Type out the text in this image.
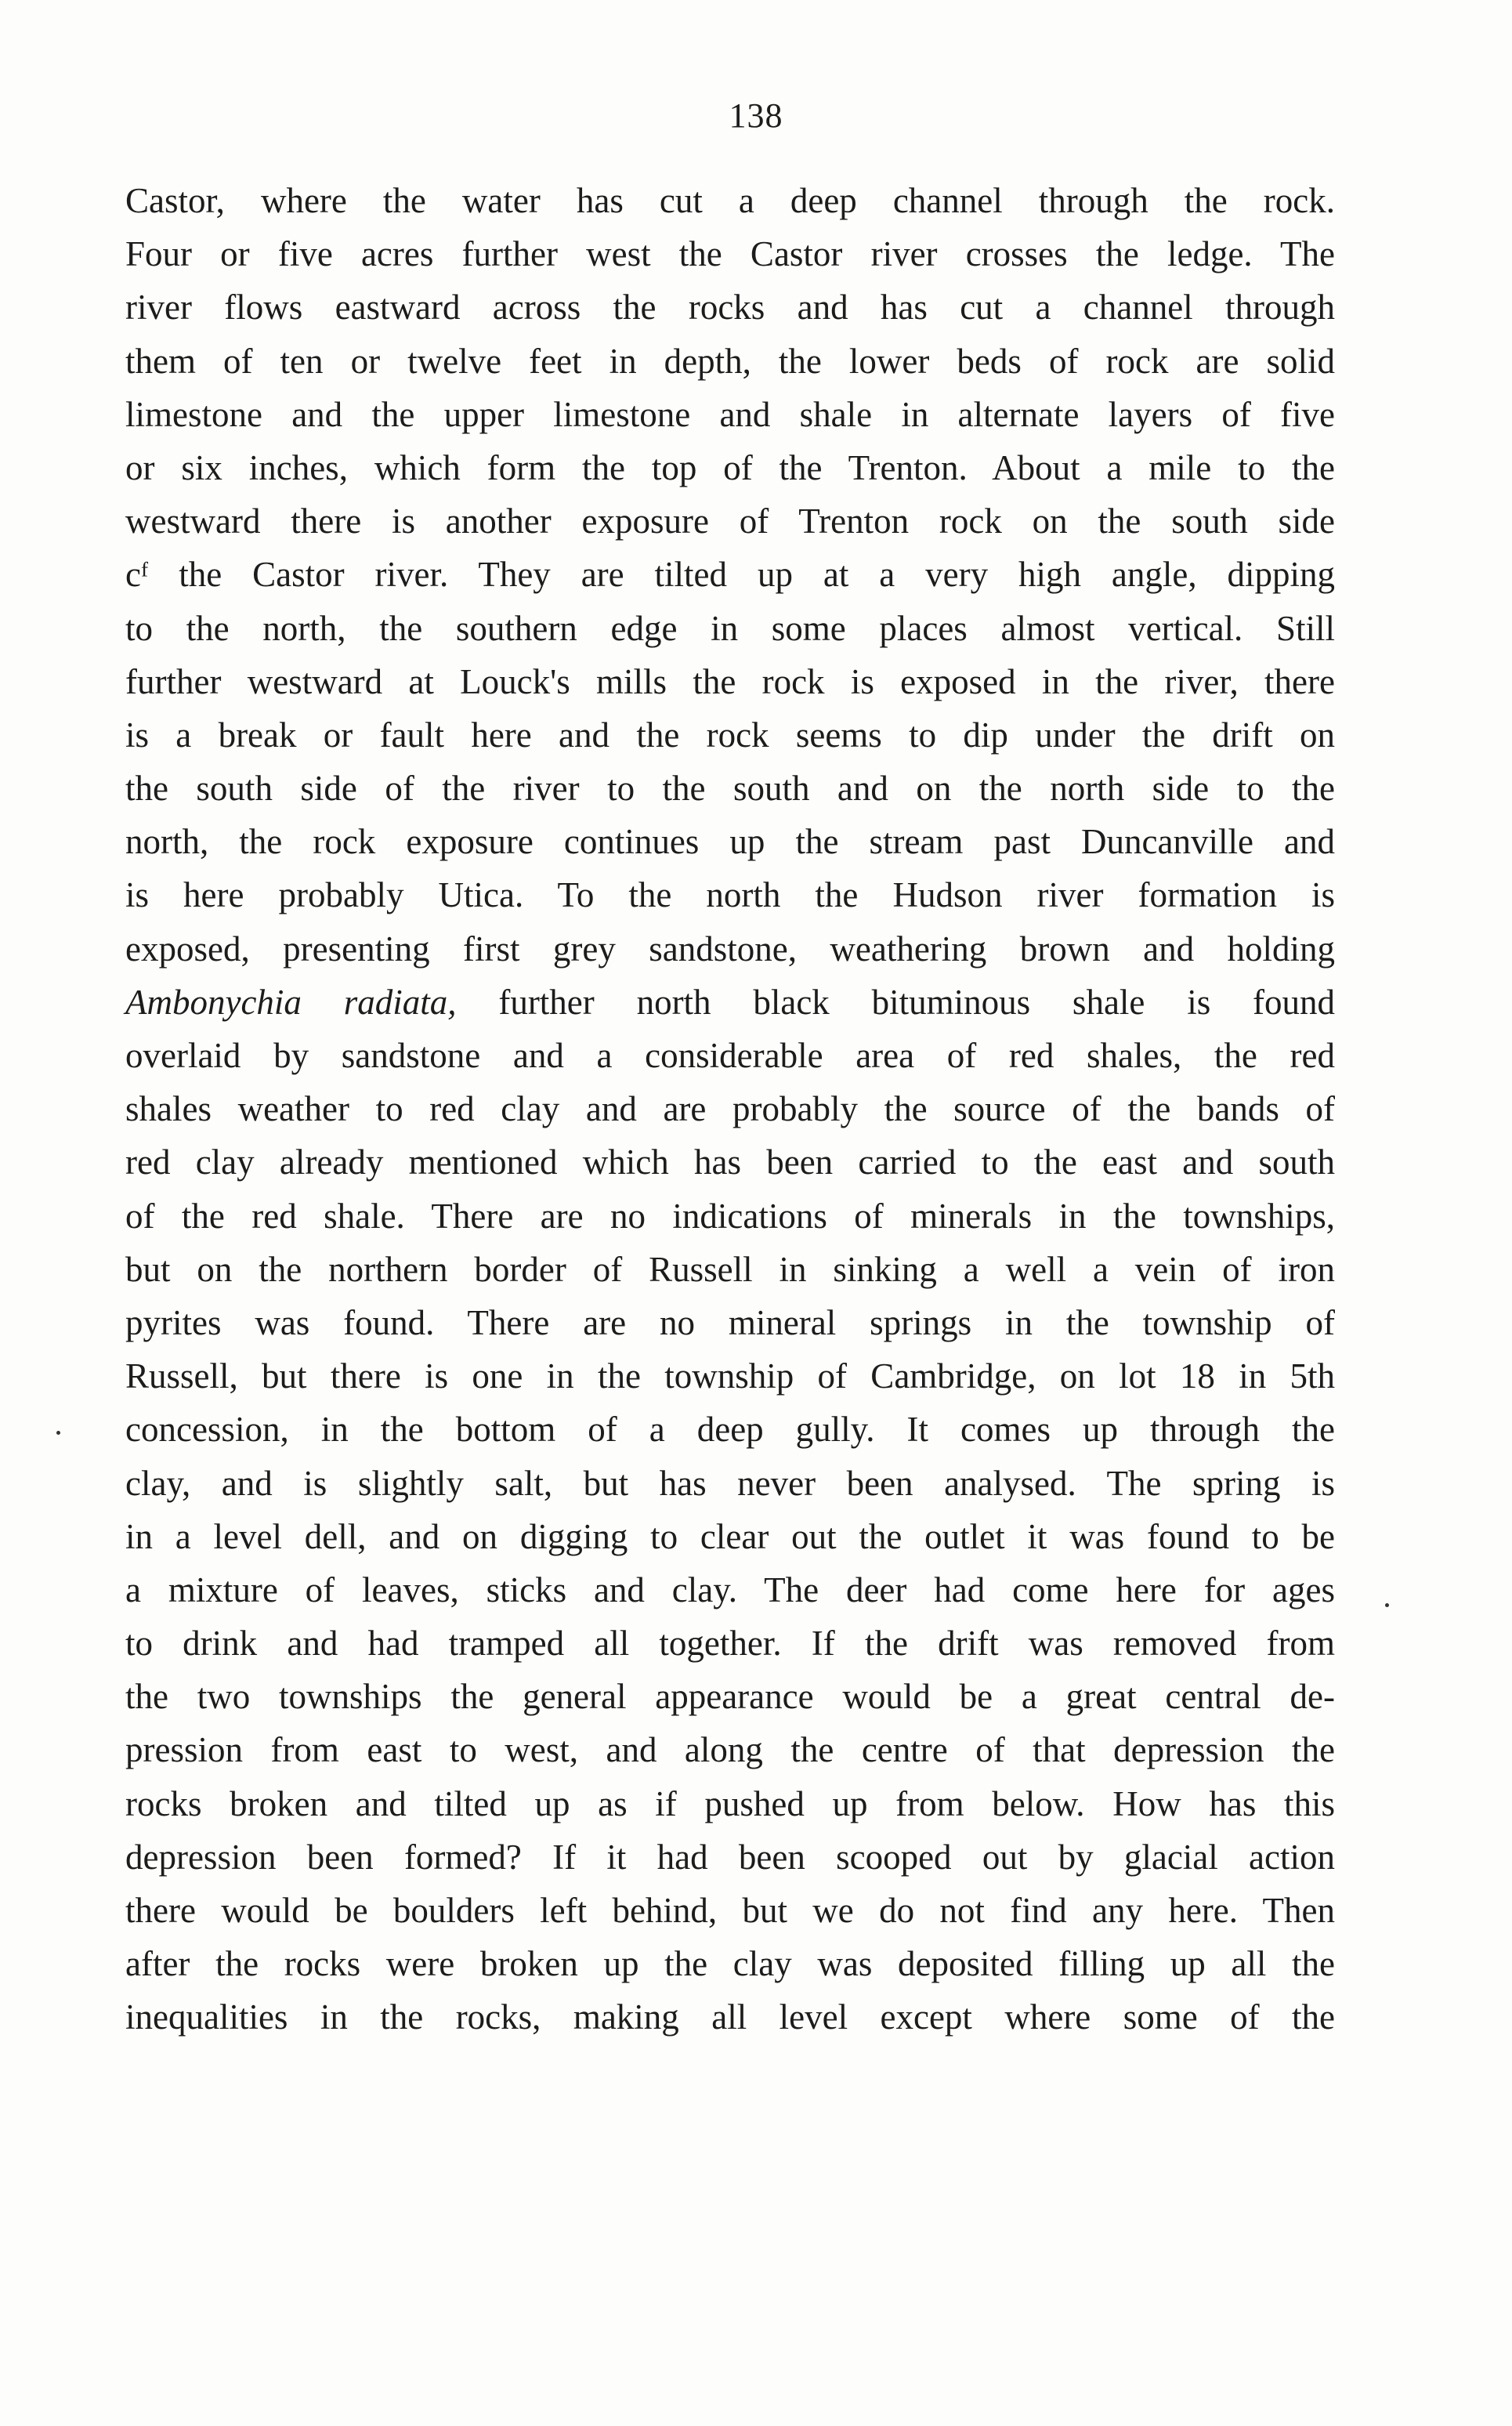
138
Castor, where the water has cut a deep channel through the rock.
Four or five acres further west the Castor river crosses the ledge. The
river flows eastward across the rocks and has cut a channel through
them of ten or twelve feet in depth, the lower beds of rock are solid
limestone and the upper limestone and shale in alternate layers of five
or six inches, which form the top of the Trenton. About a mile to the
westward there is another exposure of Trenton rock on the south side
cᶠ the Castor river. They are tilted up at a very high angle, dipping
to the north, the southern edge in some places almost vertical. Still
further westward at Louck's mills the rock is exposed in the river, there
is a break or fault here and the rock seems to dip under the drift on
the south side of the river to the south and on the north side to the
north, the rock exposure continues up the stream past Duncanville and
is here probably Utica. To the north the Hudson river formation is
exposed, presenting first grey sandstone, weathering brown and holding
Ambonychia radiata, further north black bituminous shale is found
overlaid by sandstone and a considerable area of red shales, the red
shales weather to red clay and are probably the source of the bands of
red clay already mentioned which has been carried to the east and south
of the red shale. There are no indications of minerals in the townships,
but on the northern border of Russell in sinking a well a vein of iron
pyrites was found. There are no mineral springs in the township of
Russell, but there is one in the township of Cambridge, on lot 18 in 5th
concession, in the bottom of a deep gully. It comes up through the
clay, and is slightly salt, but has never been analysed. The spring is
in a level dell, and on digging to clear out the outlet it was found to be
a mixture of leaves, sticks and clay. The deer had come here for ages
to drink and had tramped all together. If the drift was removed from
the two townships the general appearance would be a great central de-
pression from east to west, and along the centre of that depression the
rocks broken and tilted up as if pushed up from below. How has this
depression been formed? If it had been scooped out by glacial action
there would be boulders left behind, but we do not find any here. Then
after the rocks were broken up the clay was deposited filling up all the
inequalities in the rocks, making all level except where some of the
